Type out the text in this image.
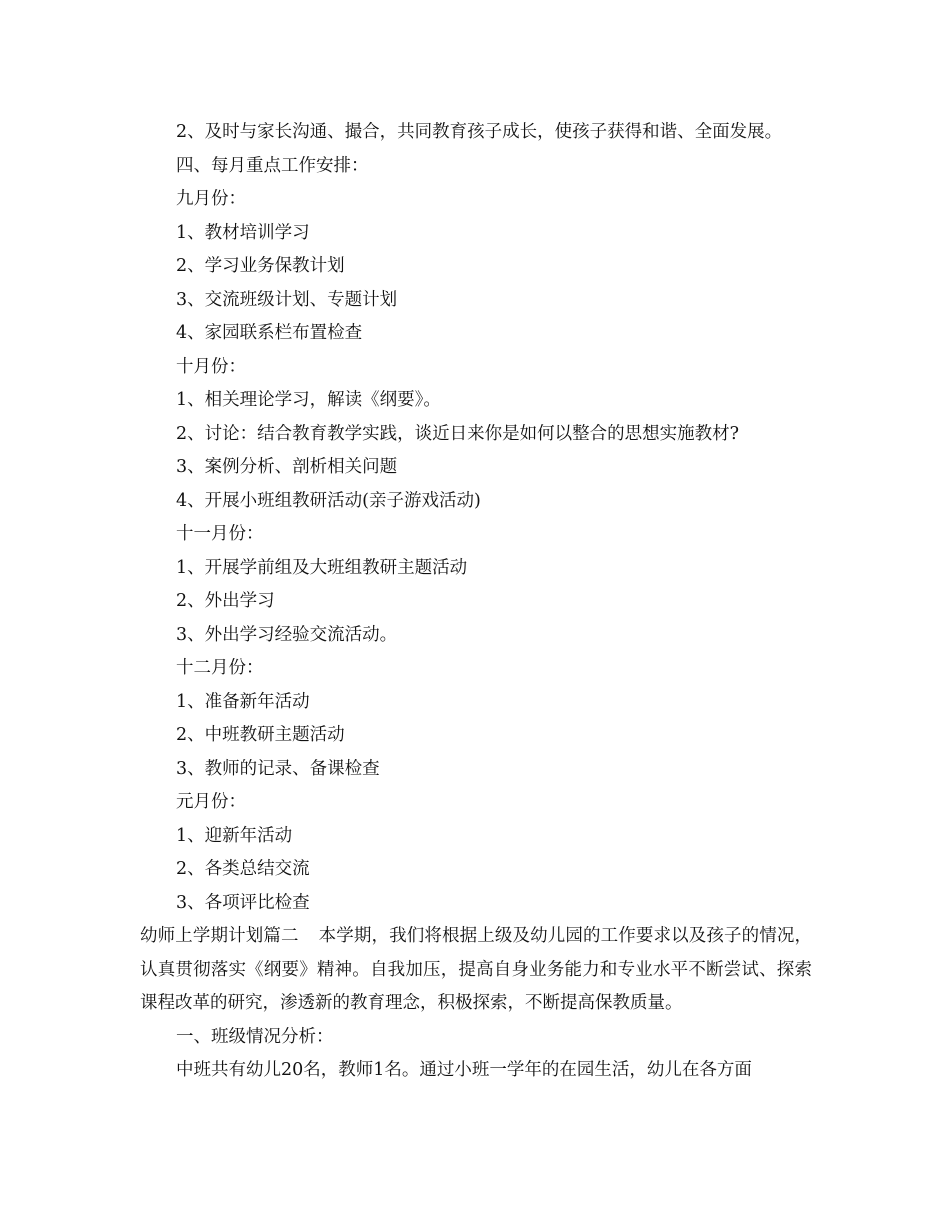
2、及时与家长沟通、撮合，共同教育孩子成长，使孩子获得和谐、全面发展。
四、每月重点工作安排：
九月份：
1、教材培训学习
2、学习业务保教计划
3、交流班级计划、专题计划
4、家园联系栏布置检查
十月份：
1、相关理论学习，解读《纲要》。
2、讨论：结合教育教学实践，谈近日来你是如何以整合的思想实施教材?
3、案例分析、剖析相关问题
4、开展小班组教研活动(亲子游戏活动)
十一月份：
1、开展学前组及大班组教研主题活动
2、外出学习
3、外出学习经验交流活动。
十二月份：
1、准备新年活动
2、中班教研主题活动
3、教师的记录、备课检查
元月份：
1、迎新年活动
2、各类总结交流
3、各项评比检查
幼师上学期计划篇二 本学期，我们将根据上级及幼儿园的工作要求以及孩子的情况，认真贯彻落实《纲要》精神。自我加压，提高自身业务能力和专业水平不断尝试、探索课程改革的研究，渗透新的教育理念，积极探索，不断提高保教质量。
一、班级情况分析：
中班共有幼儿20名，教师1名。通过小班一学年的在园生活，幼儿在各方面
